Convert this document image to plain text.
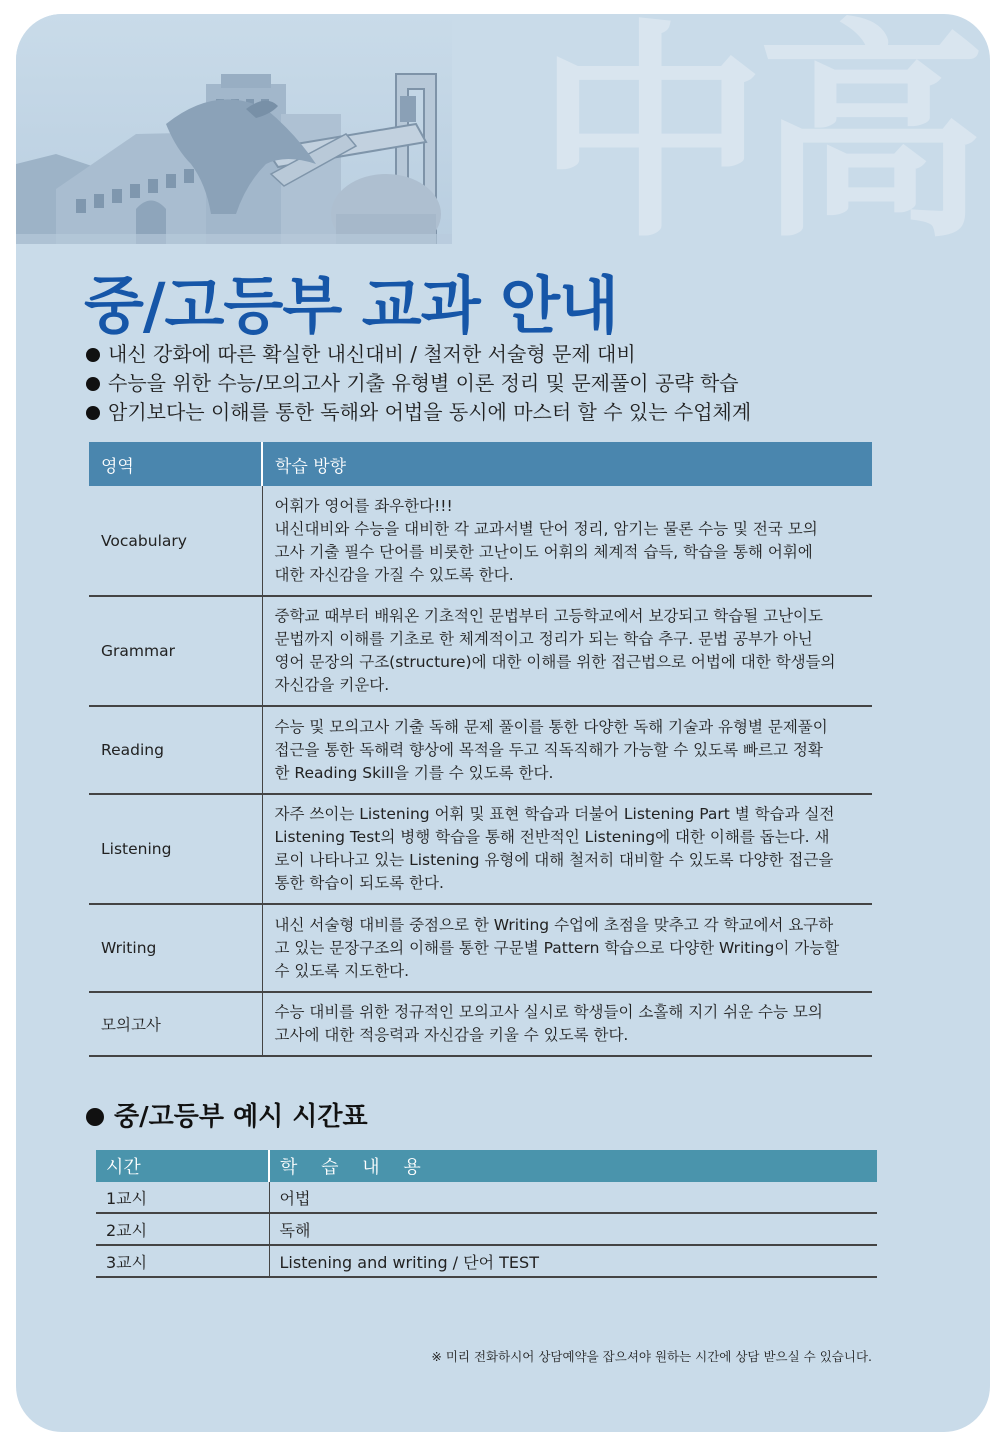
中高
중/고등부 교과 안내
내신 강화에 따른 확실한 내신대비 / 철저한 서술형 문제 대비
수능을 위한 수능/모의고사 기출 유형별 이론 정리 및 문제풀이 공략 학습
암기보다는 이해를 통한 독해와 어법을 동시에 마스터 할 수 있는 수업체계
영역	학습 방향
Vocabulary	어휘가 영어를 좌우한다!!!
내신대비와 수능을 대비한 각 교과서별 단어 정리, 암기는 물론 수능 및 전국 모의
고사 기출 필수 단어를 비롯한 고난이도 어휘의 체계적 습득, 학습을 통해 어휘에
대한 자신감을 가질 수 있도록 한다.

Grammar	중학교 때부터 배워온 기초적인 문법부터 고등학교에서 보강되고 학습될 고난이도
문법까지 이해를 기초로 한 체계적이고 정리가 되는 학습 추구. 문법 공부가 아닌
영어 문장의 구조(structure)에 대한 이해를 위한 접근법으로 어법에 대한 학생들의
자신감을 키운다.

Reading	수능 및 모의고사 기출 독해 문제 풀이를 통한 다양한 독해 기술과 유형별 문제풀이
접근을 통한 독해력 향상에 목적을 두고 직독직해가 가능할 수 있도록 빠르고 정확
한 Reading Skill을 기를 수 있도록 한다.

Listening	자주 쓰이는 Listening 어휘 및 표현 학습과 더불어 Listening Part 별 학습과 실전
Listening Test의 병행 학습을 통해 전반적인 Listening에 대한 이해를 돕는다. 새
로이 나타나고 있는 Listening 유형에 대해 철저히 대비할 수 있도록 다양한 접근을
통한 학습이 되도록 한다.

Writing	내신 서술형 대비를 중점으로 한 Writing 수업에 초점을 맞추고 각 학교에서 요구하
고 있는 문장구조의 이해를 통한 구문별 Pattern 학습으로 다양한 Writing이 가능할
수 있도록 지도한다.

모의고사	수능 대비를 위한 정규적인 모의고사 실시로 학생들이 소홀해 지기 쉬운 수능 모의
고사에 대한 적응력과 자신감을 키울 수 있도록 한다.
중/고등부 예시 시간표
시간	학 습 내 용
1교시	어법
2교시	독해
3교시	Listening and writing / 단어 TEST

※ 미리 전화하시어 상담예약을 잡으셔야 원하는 시간에 상담 받으실 수 있습니다.
